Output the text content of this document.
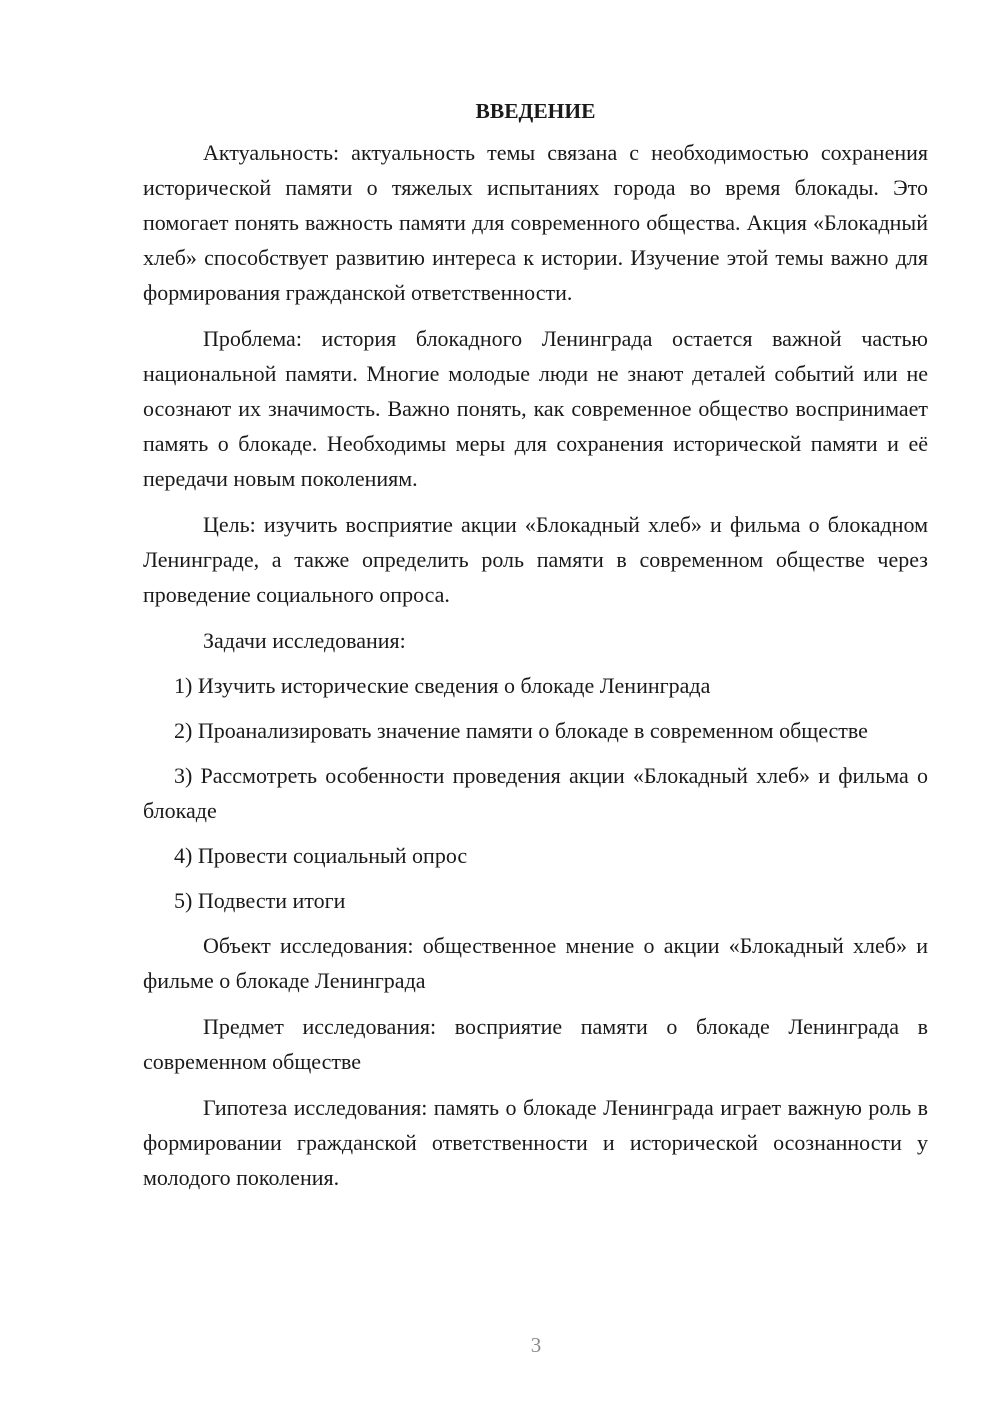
ВВЕДЕНИЕ

Актуальность: актуальность темы связана с необходимостью сохранения исторической памяти о тяжелых испытаниях города во время блокады. Это помогает понять важность памяти для современного общества. Акция «Блокадный хлеб» способствует развитию интереса к истории. Изучение этой темы важно для формирования гражданской ответственности.

Проблема: история блокадного Ленинграда остается важной частью национальной памяти. Многие молодые люди не знают деталей событий или не осознают их значимость. Важно понять, как современное общество воспринимает память о блокаде. Необходимы меры для сохранения исторической памяти и её передачи новым поколениям.

Цель: изучить восприятие акции «Блокадный хлеб» и фильма о блокадном Ленинграде, а также определить роль памяти в современном обществе через проведение социального опроса.

Задачи исследования:

1) Изучить исторические сведения о блокаде Ленинграда

2) Проанализировать значение памяти о блокаде в современном обществе

3) Рассмотреть особенности проведения акции «Блокадный хлеб» и фильма о блокаде

4) Провести социальный опрос

5) Подвести итоги

Объект исследования: общественное мнение о акции «Блокадный хлеб» и фильме о блокаде Ленинграда

Предмет исследования: восприятие памяти о блокаде Ленинграда в современном обществе

Гипотеза исследования: память о блокаде Ленинграда играет важную роль в формировании гражданской ответственности и исторической осознанности у молодого поколения.

3
